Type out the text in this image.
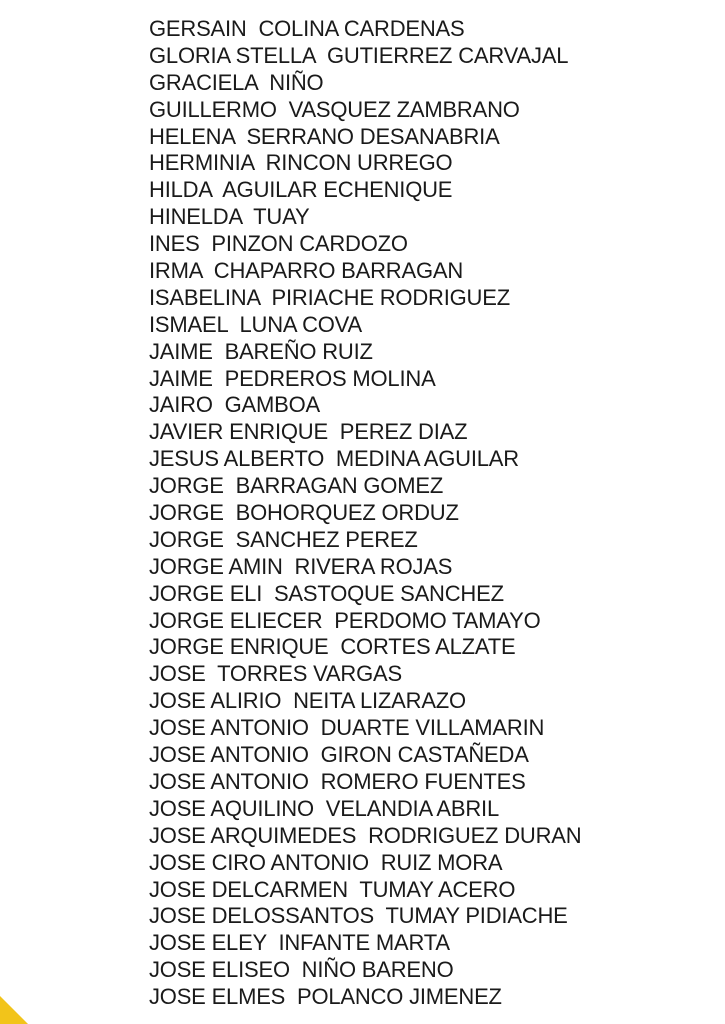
GERSAIN  COLINA CARDENAS
GLORIA STELLA  GUTIERREZ CARVAJAL
GRACIELA  NIÑO
GUILLERMO  VASQUEZ ZAMBRANO
HELENA  SERRANO DESANABRIA
HERMINIA  RINCON URREGO
HILDA  AGUILAR ECHENIQUE
HINELDA  TUAY
INES  PINZON CARDOZO
IRMA  CHAPARRO BARRAGAN
ISABELINA  PIRIACHE RODRIGUEZ
ISMAEL  LUNA COVA
JAIME  BAREÑO RUIZ
JAIME  PEDREROS MOLINA
JAIRO  GAMBOA
JAVIER ENRIQUE  PEREZ DIAZ
JESUS ALBERTO  MEDINA AGUILAR
JORGE  BARRAGAN GOMEZ
JORGE  BOHORQUEZ ORDUZ
JORGE  SANCHEZ PEREZ
JORGE AMIN  RIVERA ROJAS
JORGE ELI  SASTOQUE SANCHEZ
JORGE ELIECER  PERDOMO TAMAYO
JORGE ENRIQUE  CORTES ALZATE
JOSE  TORRES VARGAS
JOSE ALIRIO  NEITA LIZARAZO
JOSE ANTONIO  DUARTE VILLAMARIN
JOSE ANTONIO  GIRON CASTAÑEDA
JOSE ANTONIO  ROMERO FUENTES
JOSE AQUILINO  VELANDIA ABRIL
JOSE ARQUIMEDES  RODRIGUEZ DURAN
JOSE CIRO ANTONIO  RUIZ MORA
JOSE DELCARMEN  TUMAY ACERO
JOSE DELOSSANTOS  TUMAY PIDIACHE
JOSE ELEY  INFANTE MARTA
JOSE ELISEO  NIÑO BARENO
JOSE ELMES  POLANCO JIMENEZ
